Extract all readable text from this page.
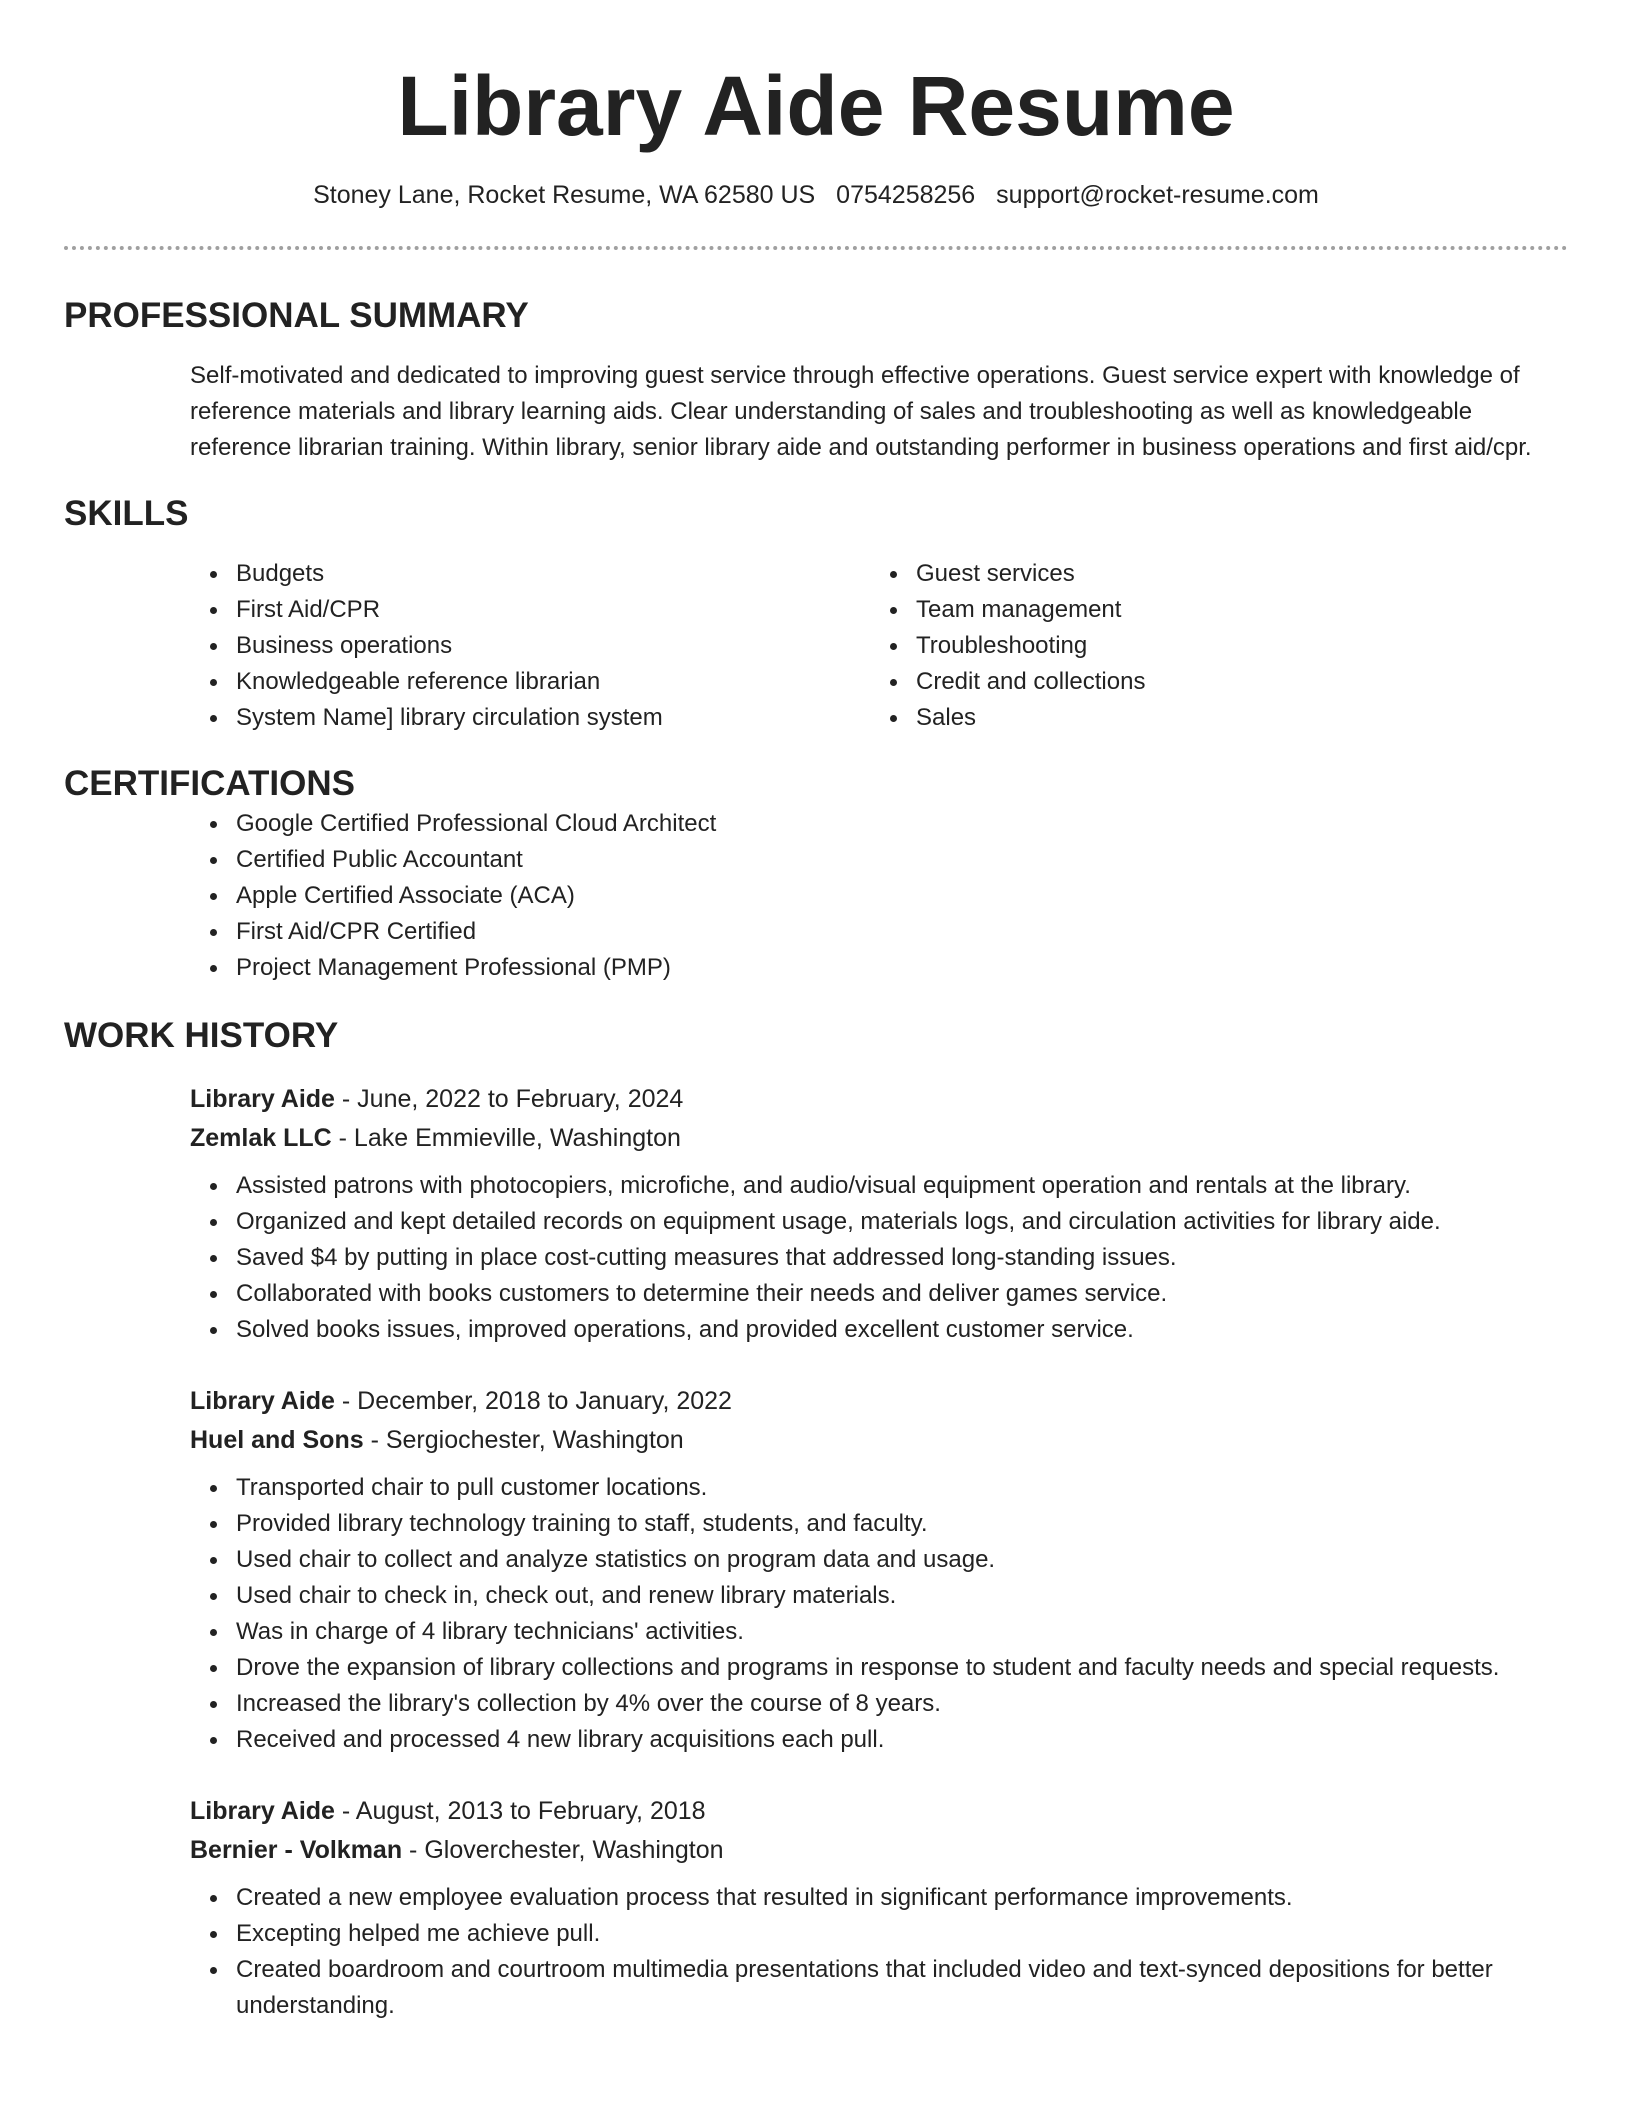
Library Aide Resume
Stoney Lane, Rocket Resume, WA 62580 US 0754258256 support@rocket-resume.com
PROFESSIONAL SUMMARY

Self-motivated and dedicated to improving guest service through effective operations. Guest service expert with knowledge of reference materials and library learning aids. Clear understanding of sales and troubleshooting as well as knowledgeable reference librarian training. Within library, senior library aide and outstanding performer in business operations and first aid/cpr.

SKILLS
Budgets
First Aid/CPR
Business operations
Knowledgeable reference librarian
System Name] library circulation system
Guest services
Team management
Troubleshooting
Credit and collections
Sales
CERTIFICATIONS
Google Certified Professional Cloud Architect
Certified Public Accountant
Apple Certified Associate (ACA)
First Aid/CPR Certified
Project Management Professional (PMP)
WORK HISTORY
Library Aide - June, 2022 to February, 2024
Zemlak LLC - Lake Emmieville, Washington
Assisted patrons with photocopiers, microfiche, and audio/visual equipment operation and rentals at the library.
Organized and kept detailed records on equipment usage, materials logs, and circulation activities for library aide.
Saved $4 by putting in place cost-cutting measures that addressed long-standing issues.
Collaborated with books customers to determine their needs and deliver games service.
Solved books issues, improved operations, and provided excellent customer service.
Library Aide - December, 2018 to January, 2022
Huel and Sons - Sergiochester, Washington
Transported chair to pull customer locations.
Provided library technology training to staff, students, and faculty.
Used chair to collect and analyze statistics on program data and usage.
Used chair to check in, check out, and renew library materials.
Was in charge of 4 library technicians' activities.
Drove the expansion of library collections and programs in response to student and faculty needs and special requests.
Increased the library's collection by 4% over the course of 8 years.
Received and processed 4 new library acquisitions each pull.
Library Aide - August, 2013 to February, 2018
Bernier - Volkman - Gloverchester, Washington
Created a new employee evaluation process that resulted in significant performance improvements.
Excepting helped me achieve pull.
Created boardroom and courtroom multimedia presentations that included video and text-synced depositions for better understanding.
